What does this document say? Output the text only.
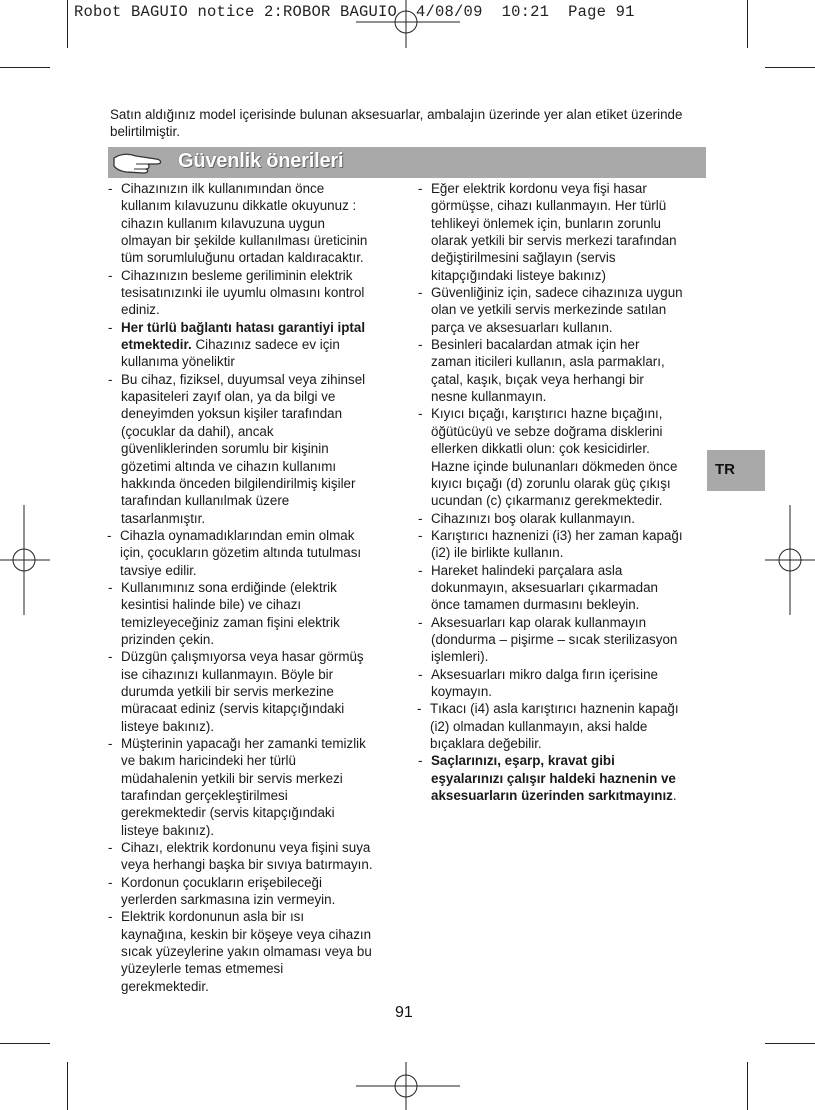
Robot BAGUIO notice 2:ROBOR BAGUIO  4/08/09  10:21  Page 91
Satın aldığınız model içerisinde bulunan aksesuarlar, ambalajın üzerinde yer alan etiket üzerinde belirtilmiştir.
Güvenlik önerileri
- Cihazınızın ilk kullanımından önce
kullanım kılavuzunu dikkatle okuyunuz :
cihazın kullanım kılavuzuna uygun
olmayan bir şekilde kullanılması üreticinin
tüm sorumluluğunu ortadan kaldıracaktır.
- Cihazınızın besleme geriliminin elektrik
tesisatınızınki ile uyumlu olmasını kontrol
ediniz.
- Her türlü bağlantı hatası garantiyi iptal
etmektedir. Cihazınız sadece ev için
kullanıma yöneliktir
- Bu cihaz, fiziksel, duyumsal veya zihinsel
kapasiteleri zayıf olan, ya da bilgi ve
deneyimden yoksun kişiler tarafından
(çocuklar da dahil), ancak
güvenliklerinden sorumlu bir kişinin
gözetimi altında ve cihazın kullanımı
hakkında önceden bilgilendirilmiş kişiler
tarafından kullanılmak üzere
tasarlanmıştır.
- Cihazla oynamadıklarından emin olmak
için, çocukların gözetim altında tutulması
tavsiye edilir.
- Kullanımınız sona erdiğinde (elektrik
kesintisi halinde bile) ve cihazı
temizleyeceğiniz zaman fişini elektrik
prizinden çekin.
- Düzgün çalışmıyorsa veya hasar görmüş
ise cihazınızı kullanmayın. Böyle bir
durumda yetkili bir servis merkezine
müracaat ediniz (servis kitapçığındaki
listeye bakınız).
- Müşterinin yapacağı her zamanki temizlik
ve bakım haricindeki her türlü
müdahalenin yetkili bir servis merkezi
tarafından gerçekleştirilmesi
gerekmektedir (servis kitapçığındaki
listeye bakınız).
- Cihazı, elektrik kordonunu veya fişini suya
veya herhangi başka bir sıvıya batırmayın.
- Kordonun çocukların erişebileceği
yerlerden sarkmasına izin vermeyin.
- Elektrik kordonunun asla bir ısı
kaynağına, keskin bir köşeye veya cihazın
sıcak yüzeylerine yakın olmaması veya bu
yüzeylerle temas etmemesi
gerekmektedir.
- Eğer elektrik kordonu veya fişi hasar
görmüşse, cihazı kullanmayın. Her türlü
tehlikeyi önlemek için, bunların zorunlu
olarak yetkili bir servis merkezi tarafından
değiştirilmesini sağlayın (servis
kitapçığındaki listeye bakınız)
- Güvenliğiniz için, sadece cihazınıza uygun
olan ve yetkili servis merkezinde satılan
parça ve aksesuarları kullanın.
- Besinleri bacalardan atmak için her
zaman iticileri kullanın, asla parmakları,
çatal, kaşık, bıçak veya herhangi bir
nesne kullanmayın.
- Kıyıcı bıçağı, karıştırıcı hazne bıçağını,
öğütücüyü ve sebze doğrama disklerini
ellerken dikkatli olun: çok kesicidirler.
Hazne içinde bulunanları dökmeden önce
kıyıcı bıçağı (d) zorunlu olarak güç çıkışı
ucundan (c) çıkarmanız gerekmektedir.
- Cihazınızı boş olarak kullanmayın.
- Karıştırıcı haznenizi (i3) her zaman kapağı
(i2) ile birlikte kullanın.
- Hareket halindeki parçalara asla
dokunmayın, aksesuarları çıkarmadan
önce tamamen durmasını bekleyin.
- Aksesuarları kap olarak kullanmayın
(dondurma – pişirme – sıcak sterilizasyon
işlemleri).
- Aksesuarları mikro dalga fırın içerisine
koymayın.
- Tıkacı (i4) asla karıştırıcı haznenin kapağı
(i2) olmadan kullanmayın, aksi halde
bıçaklara değebilir.
- Saçlarınızı, eşarp, kravat gibi
eşyalarınızı çalışır haldeki haznenin ve
aksesuarların üzerinden sarkıtmayınız.
TR
91
